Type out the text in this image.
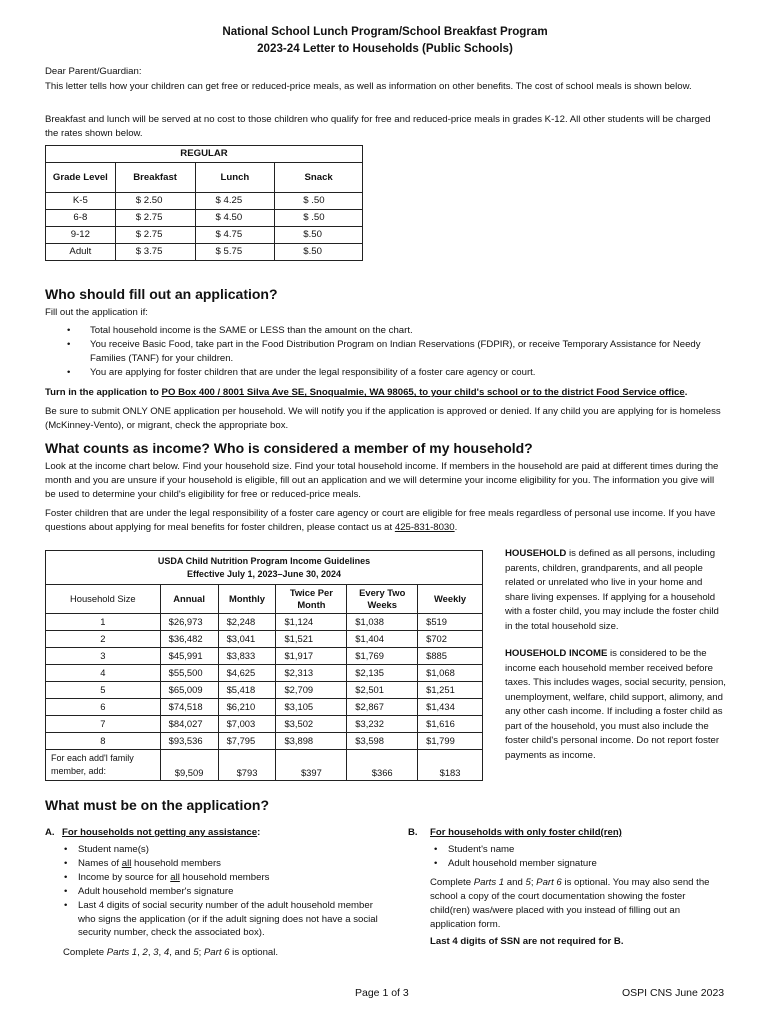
National School Lunch Program/School Breakfast Program
2023-24 Letter to Households (Public Schools)
Dear Parent/Guardian:
This letter tells how your children can get free or reduced-price meals, as well as information on other benefits. The cost of school meals is shown below.
Breakfast and lunch will be served at no cost to those children who qualify for free and reduced-price meals in grades K-12. All other students will be charged the rates shown below.
REGULAR			
Grade Level	Breakfast	Lunch	Snack
K-5	$ 2.50	$ 4.25	$ .50
6-8	$ 2.75	$ 4.50	$ .50
9-12	$ 2.75	$ 4.75	$.50
Adult	$ 3.75	$ 5.75	$.50
Who should fill out an application?
Fill out the application if:
• Total household income is the SAME or LESS than the amount on the chart.
• You receive Basic Food, take part in the Food Distribution Program on Indian Reservations (FDPIR), or receive Temporary Assistance for Needy Families (TANF) for your children.
• You are applying for foster children that are under the legal responsibility of a foster care agency or court.
Turn in the application to PO Box 400 / 8001 Silva Ave SE, Snoqualmie, WA 98065, to your child's school or to the district Food Service office.
Be sure to submit ONLY ONE application per household. We will notify you if the application is approved or denied. If any child you are applying for is homeless (McKinney-Vento), or migrant, check the appropriate box.
What counts as income? Who is considered a member of my household?
Look at the income chart below. Find your household size. Find your total household income. If members in the household are paid at different times during the month and you are unsure if your household is eligible, fill out an application and we will determine your income eligibility for you. The information you give will be used to determine your child's eligibility for free or reduced-price meals.
Foster children that are under the legal responsibility of a foster care agency or court are eligible for free meals regardless of personal use income. If you have questions about applying for meal benefits for foster children, please contact us at 425-831-8030.
USDA Child Nutrition Program Income Guidelines
Effective July 1, 2023–June 30, 2024					

Household Size	Annual	Monthly	Twice Per Month	Every Two Weeks	Weekly
1	$26,973	$2,248	$1,124	$1,038	$519
2	$36,482	$3,041	$1,521	$1,404	$702
3	$45,991	$3,833	$1,917	$1,769	$885
4	$55,500	$4,625	$2,313	$2,135	$1,068
5	$65,009	$5,418	$2,709	$2,501	$1,251
6	$74,518	$6,210	$3,105	$2,867	$1,434
7	$84,027	$7,003	$3,502	$3,232	$1,616
8	$93,536	$7,795	$3,898	$3,598	$1,799
For each add'l family member, add:	$9,509	$793	$397	$366	$183
HOUSEHOLD is defined as all persons, including parents, children, grandparents, and all people related or unrelated who live in your home and share living expenses. If applying for a household with a foster child, you may include the foster child in the total household size.
HOUSEHOLD INCOME is considered to be the income each household member received before taxes. This includes wages, social security, pension, unemployment, welfare, child support, alimony, and any other cash income. If including a foster child as part of the household, you must also include the foster child's personal income. Do not report foster payments as income.
What must be on the application?
A. For households not getting any assistance:
• Student name(s)
• Names of all household members
• Income by source for all household members
• Adult household member's signature
• Last 4 digits of social security number of the adult household member who signs the application (or if the adult signing does not have a social security number, check the associated box).
Complete Parts 1, 2, 3, 4, and 5; Part 6 is optional.
B. For households with only foster child(ren)
• Student's name
• Adult household member signature
Complete Parts 1 and 5; Part 6 is optional. You may also send the school a copy of the court documentation showing the foster child(ren) was/were placed with you instead of filling out an application form.
Last 4 digits of SSN are not required for B.
Page 1 of 3	OSPI CNS June 2023
